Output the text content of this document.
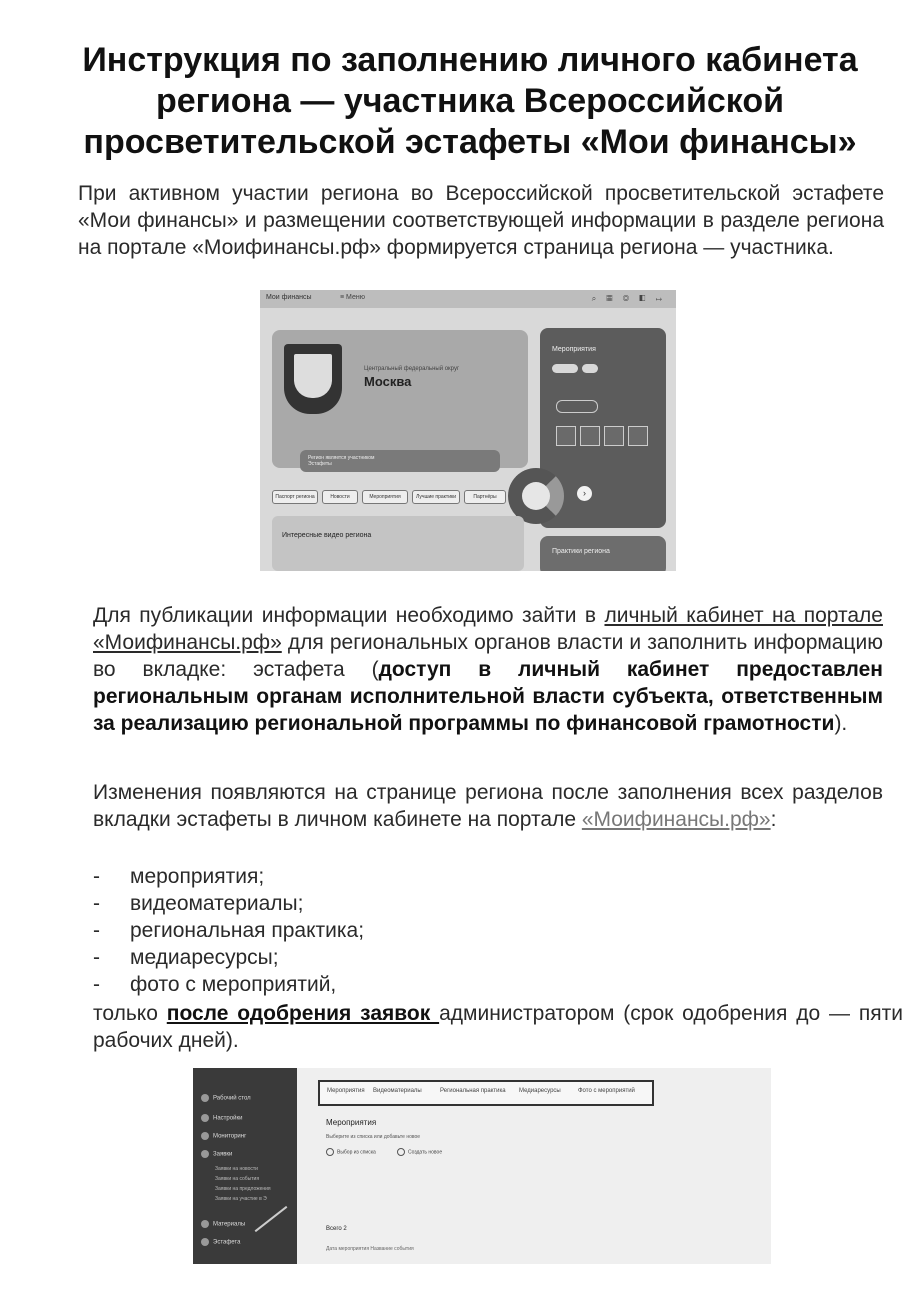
Инструкция по заполнению личного кабинета региона — участника Всероссийской просветительской эстафеты «Мои финансы»

При активном участии региона во Всероссийской просветительской эстафете «Мои финансы» и размещении соответствующей информации в разделе региона на портале «Моифинансы.рф» формируется страница региона — участника.

Мои финансы	≡ Меню	⌕ ▦ ◎ ◧ ↦
Центральный федеральный округ
Москва
Регион является участником Эстафеты
Мероприятия
›
Паспорт региона	Новости	Мероприятия	Лучшие практики	Партнёры
Интересные видео региона
Практики региона

Для публикации информации необходимо зайти в личный кабинет на портале «Моифинансы.рф» для региональных органов власти и заполнить информацию во вкладке: эстафета (доступ в личный кабинет предоставлен региональным органам исполнительной власти субъекта, ответственным за реализацию региональной программы по финансовой грамотности).

Изменения появляются на странице региона после заполнения всех разделов вкладки эстафеты в личном кабинете на портале «Моифинансы.рф»:

- мероприятия;
- видеоматериалы;
- региональная практика;
- медиаресурсы;
- фото с мероприятий,

только после одобрения заявок администратором (срок одобрения до — пяти рабочих дней).

Рабочий стол
Настройки
Мониторинг
Заявки
Заявки на новости
Заявки на события
Заявки на предложения
Заявки на участие в Э
Материалы
Эстафета
Мероприятия Видеоматериалы	Региональная практика Медиаресурсы	Фото с мероприятий
Мероприятия
Выберите из списка или добавьте новое
Выбор из списка	Создать новое
Всего 2
Дата мероприятия Название события
